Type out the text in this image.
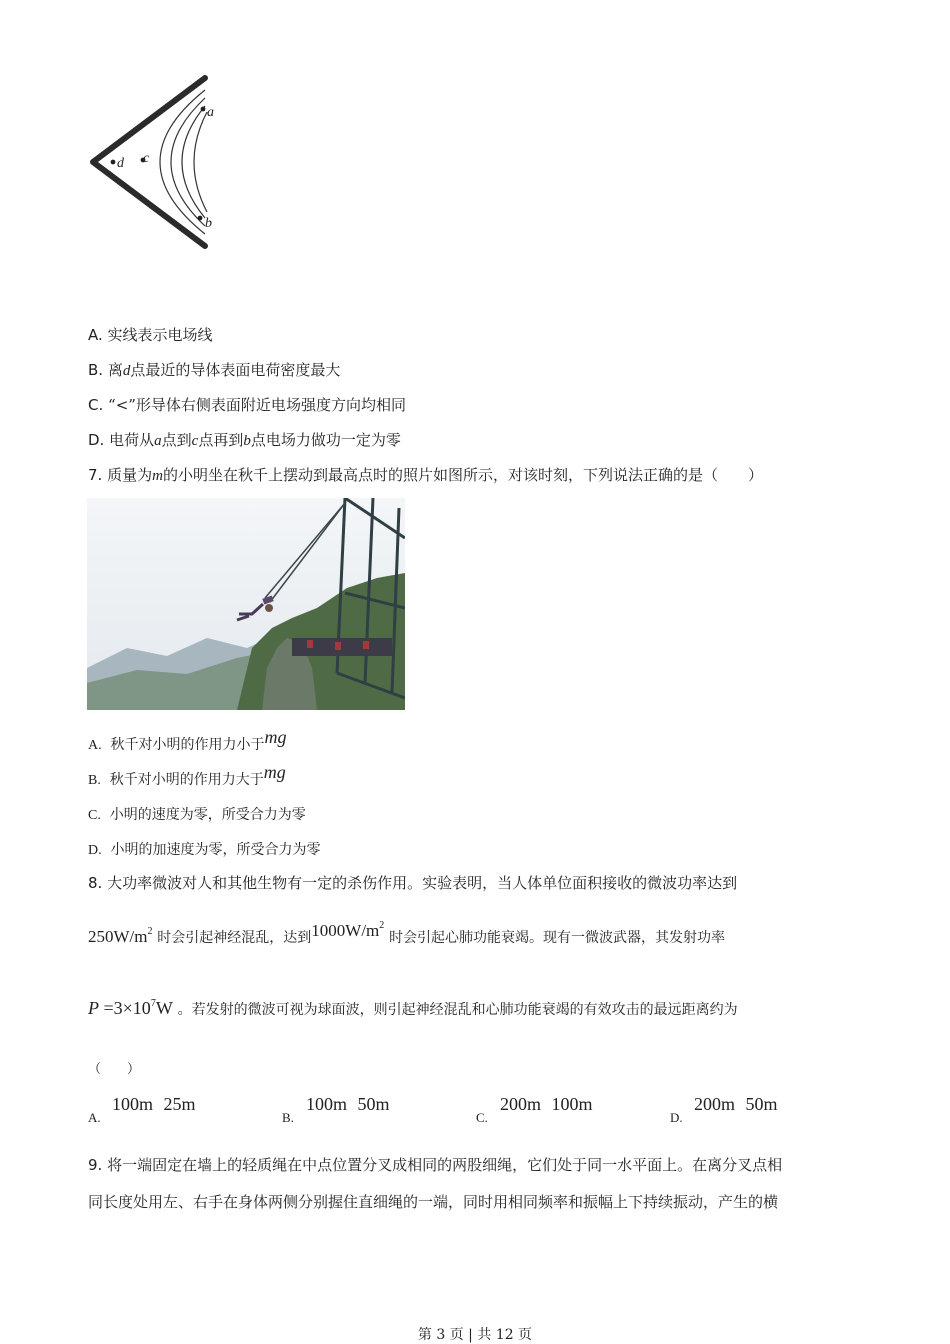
a
b
c
d
A. 实线表示电场线
B. 离d点最近的导体表面电荷密度最大
C. “<”形导体右侧表面附近电场强度方向均相同
D. 电荷从a点到c点再到b点电场力做功一定为零
7. 质量为m的小明坐在秋千上摆动到最高点时的照片如图所示，对该时刻，下列说法正确的是（　　）
A. 秋千对小明的作用力小于mg
B. 秋千对小明的作用力大于mg
C. 小明的速度为零，所受合力为零
D. 小明的加速度为零，所受合力为零
8. 大功率微波对人和其他生物有一定的杀伤作用。实验表明，当人体单位面积接收的微波功率达到
$250W/m^2$ 时会引起神经混乱，达到$1000W/m^2$ 时会引起心肺功能衰竭。现有一微波武器，其发射功率
$P =3\times 10^7W$ 。若发射的微波可视为球面波，则引起神经混乱和心肺功能衰竭的有效攻击的最远距离约为
（　　）
A.
100m 25m
B.
100m 50m
C.
200m 100m
D.
200m 50m
9. 将一端固定在墙上的轻质绳在中点位置分叉成相同的两股细绳，它们处于同一水平面上。在离分叉点相
同长度处用左、右手在身体两侧分别握住直细绳的一端，同时用相同频率和振幅上下持续振动，产生的横
第 3 页 | 共 12 页
